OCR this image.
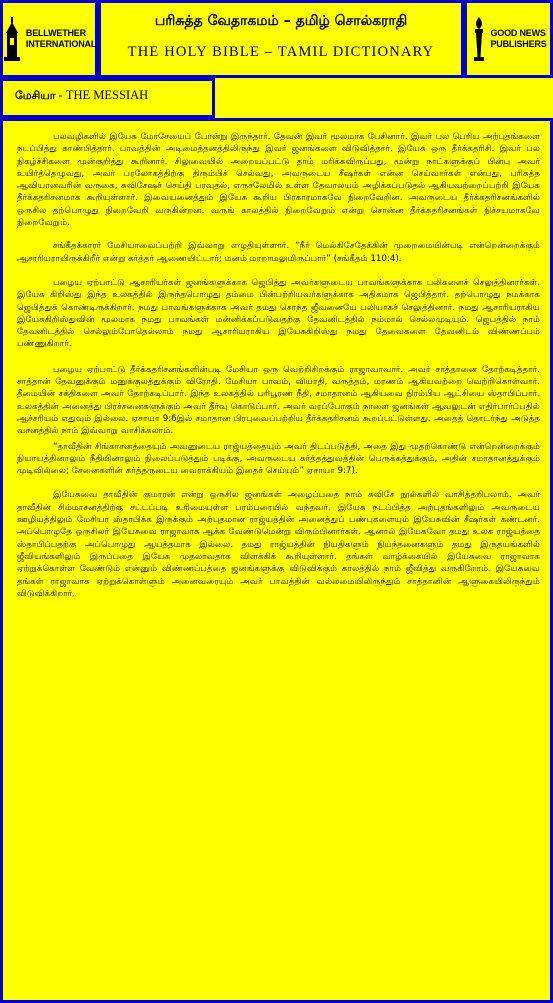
BELLWETHER INTERNATIONAL
பரிசுத்த வேதாகமம் – தமிழ் சொல்கராதி
THE HOLY BIBLE – TAMIL DICTIONARY
GOOD NEWS PUBLISHERS
மேசியா - THE MESSIAH

பலவழிகளில் இயேசு மோசேயைப் போன்று இருந்தார். தேவன் இவர் மூலமாக பேசினார். இவர் பல பெரிய அற்புதங்களை நடப்பித்து காண்பித்தார். பாவத்தின் அடிமைத்தனத்திலிருந்து இவர் ஜனங்களை விடுவித்தார். இயேசு ஒரு தீர்க்கதரிசி. இவர் பல நிகழ்ச்சிகளை முன்குறித்து கூறினார். சிலுவையில் அறையப்பட்டு தாம் மரிக்கவிருப்பது, மூன்று நாட்களுக்குப் பின்பு அவர் உயிர்த்தெழுவது, அவர் பரலோகத்திற்கு திரும்பிச் செல்வது, அவருடைய சீஷர்கள் என்ன செய்வார்கள் என்பது, பரிசுத்த ஆவியானவரின் வருகை, சுவிசேஷச் செய்தி பரவுதல், எருசலேமில் உள்ள தேவாலயம் அழிக்கப்படுதல் ஆகியவற்றைப்பற்றி இயேசு தீர்க்கதரிசனமாக கூறியுள்ளார். இவையனைத்தும் இயேசு கூறிய பிரகாரமாகவே நிறைவேறின. அவருடைய தீர்க்கதரிசனங்களில் ஒருசில தற்பொழுது நிறைவேறி வருகின்றன. வருங் காலத்தில் நிறைவேறும் என்று சொன்ன தீர்க்கதரிசனங்கள் நிச்சயமாகவே நிறைவேறும்.

சங்கீதக்காரர் மேசியாவைப்பற்றி இவ்வாறு எழுதியுள்ளார். “நீர் மெல்கிசேதேக்கின் முறைமையின்படி என்றென்றைக்கும் ஆசாரியராயிருக்கிறீர் என்று கர்த்தர் ஆணையிட்டார்; மனம் மாறாமலுமிருப்பார்” (சங்கீதம் 110:4).

பழைய ஏற்பாட்டு ஆசாரியர்கள் ஜனங்களுக்காக ஜெபித்து அவர்களுடைய பாவங்களுக்காக பலிகளைச் செலுத்தினார்கள். இயேசு கிறிஸ்து இந்த உலகத்தில் இருந்தபொழுது தம்மை பின்பற்றியவர்களுக்காக அதிகமாக ஜெபித்தார். தற்பொழுது நமக்காக ஜெபித்துக் கொண்டிருக்கிறார். நமது பாவங்களுக்காக அவர் தமது சொந்த ஜீவனையே பலியாகச் செலுத்தினார். நமது ஆசாரியராகிய இயேசுகிறிஸ்துவின் மூலமாக நமது பாவங்கள் மன்னிக்கப்படுவதற்கு தேவனிடத்தில் நம்மால் செல்லமுடியும். ஜெபத்தில் நாம் தேவனிடத்தில் செல்லும்போதெல்லாம் நமது ஆசாரியராகிய இயேசுகிறிஸ்து நமது தேவைகளை தேவனிடம் விண்ணப்பம் பண்ணுகிறார்.

பழைய ஏற்பாட்டு தீர்க்கதரிசனங்களின்படி மேசியா ஒரு வெற்றிசிறக்கும் ராஜாவாவார். அவர் சாத்தானை தோற்கடித்தார். சாத்தான் தேவனுக்கும் மனுக்குலத்துக்கும் விரோதி. மேசியா பாவம், வியாதி, வருத்தம், மரணம் ஆகியவற்றை வெற்றிகொள்வார். தீமையின் சக்திகளை அவர் தோற்கடிப்பார். இந்த உலகத்தில் பரிபூரண நீதி, சமாதானம் ஆகியவை நிரம்பிய ஆட்சியை ஸ்தாபிப்பார். உலகத்தின் அனைத்து பிரச்சனைகளுக்கும் அவர் தீர்வு கொடுப்பார். அவர் வரப்போகும் நாளை ஜனங்கள் ஆவலுடன் எதிர்பார்ப்பதில் ஆச்சரியம் எதுவும் இல்லை. ஏசாயா 9:6இல் சமாதான பிரபுவைப்பற்றிய தீர்க்கதரிசனம் கூறப்பட்டுள்ளது. அதைத் தொடர்ந்து அடுத்த வசனத்தில் நாம் இவ்வாறு வாசிக்கலாம்.

“தாவீதின் சிங்காசனத்தையும் அவனுடைய ராஜ்யத்தையும் அவர் திடப்படுத்தி, அதை இது முதற்கொண்டு என்றென்றைக்கும் நியாயத்தினாலும் நீதியினாலும் நிலைப்படுத்தும் படிக்கு, அவருடைய கர்த்தத்துவத்தின் பெருக்கத்துக்கும், அதின் சமாதானத்துக்கும் முடிவில்லை; சேனைகளின் கர்த்தருடைய வைராக்கியம் இதைச் செய்யும்” ஏசாயா 9:7).

இயேசுவை தாவீதின் குமாரன் என்று ஒருசில ஜனங்கள் அழைப்பதை நாம் சுவிசே நூல்களில் வாசித்தறிபலாம். அவர் தாவீதின் சிம்மாசனத்திற்கு சட்டப்படி உரிமையுள்ள பரம்பரையில் வந்தவர். இயேசு நடப்பித்த அற்புதங்களிலும் அவருடைய ஊழியத்திலும் மேசியா ஸ்தாபிக்க இருக்கும் அற்புதமான ராஜ்யத்தின் அனைத்துப் பண்புகளையும் இயேசுவின் சீஷர்கள் கண்டனர். அப்பொழுதே ஒருசிலர் இயேசுவை ராஜாவாக ஆக்க வேண்டுமென்று விரும்பினார்கள். ஆனால் இயேசுவோ தமது உலக ராஜ்யத்தை ஸ்தாபிப்பதற்கு அப்பொழுது ஆயத்தமாக இல்லை. தமது ராஜ்யத்தின் நியதிகளும் நியந்தனைகளும் தமது இருதயங்களில் ஜீவியங்களிலும் இருப்பதை இயேசு முதலாவதாக விளக்கிக் கூறியுள்ளார். தங்கள் வாழ்க்கையில் இயேசுவை ராஜாவாக ஏற்றுக்கொள்ள வேண்டும் என்னும் விண்ணப்பத்தை ஜனங்களுக்கு விடுவிக்கும் காலத்தில் நாம் ஜீவித்து வருகிறோம். இயேசுவை தங்கள் ராஜாவாக ஏற்றுக்கொள்ளும் அனைவரையும் அவர் பாவத்தின் வல்லமையிலிருந்தும் சாத்தானின் ஆளுகையிலிருந்தும் விடுவிக்கிறார்.
